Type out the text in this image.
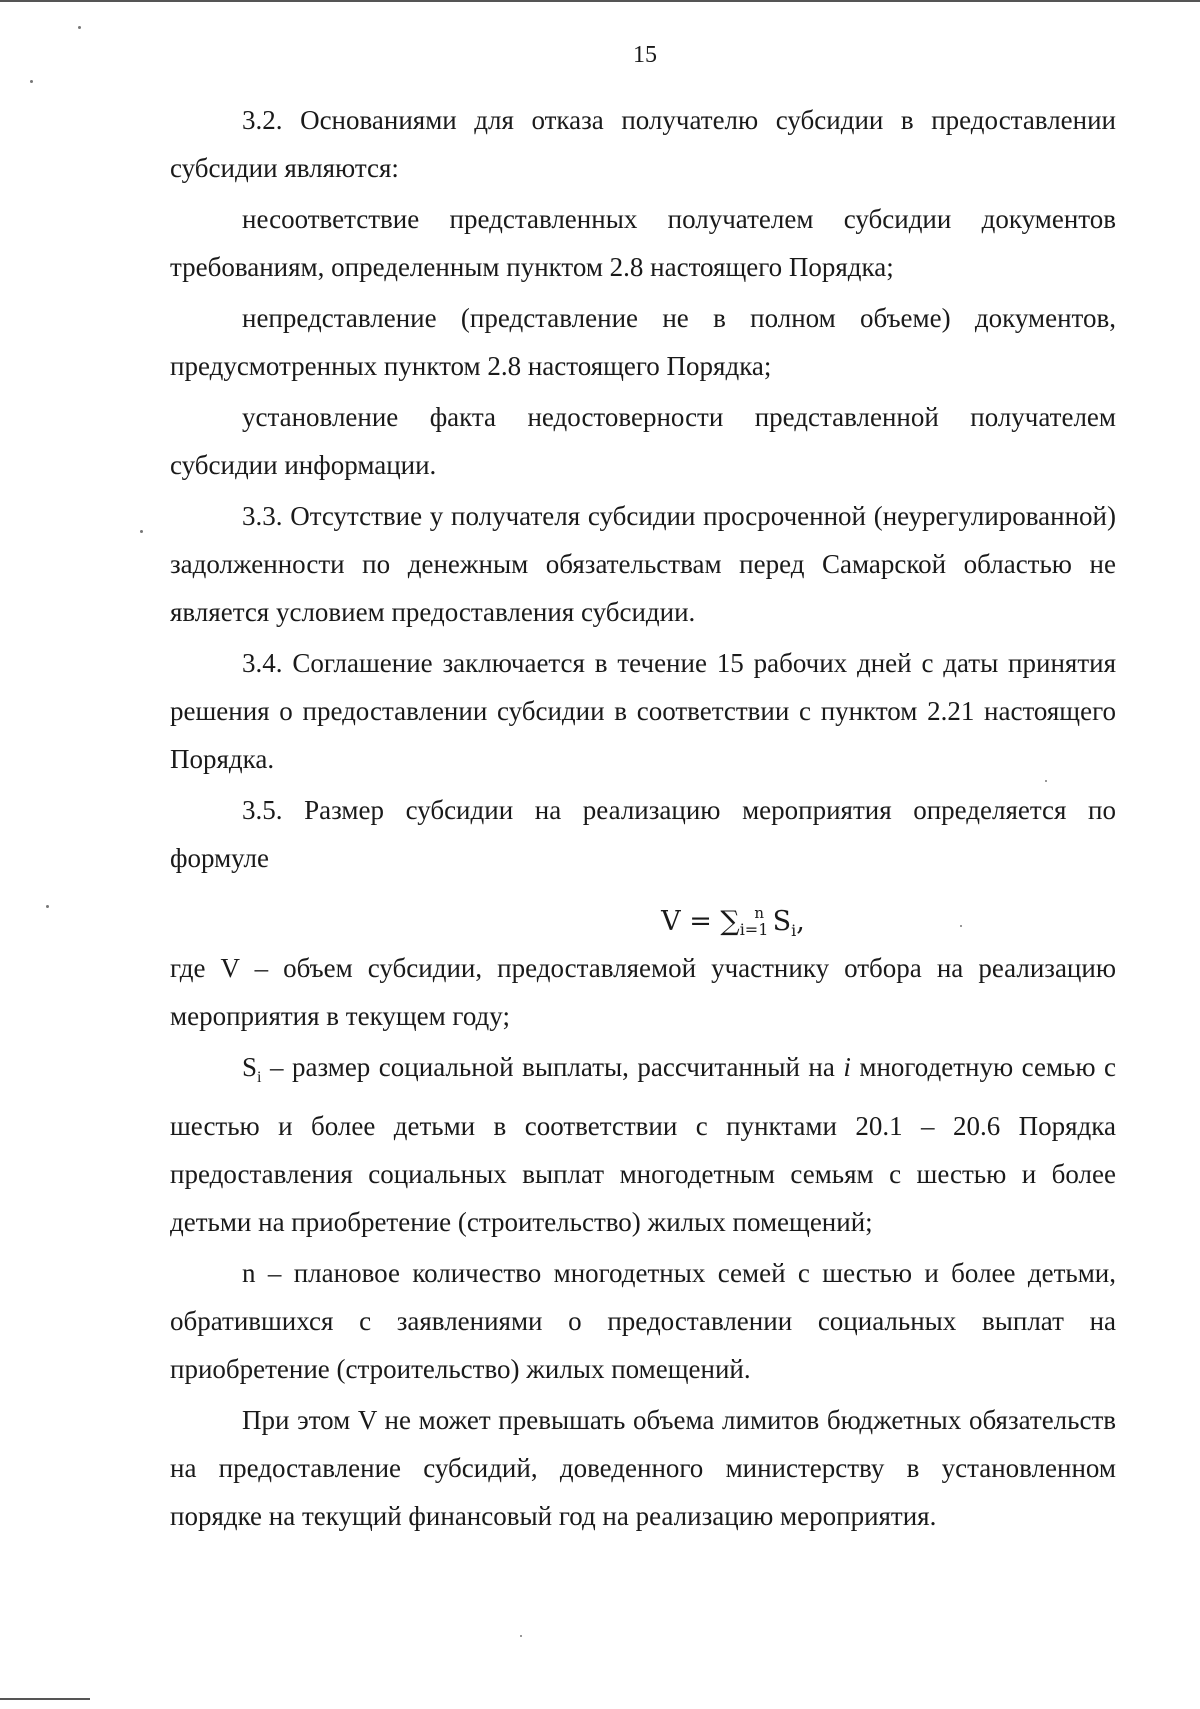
15

3.2. Основаниями для отказа получателю субсидии в предоставлении субсидии являются:

несоответствие представленных получателем субсидии документов требованиям, определенным пунктом 2.8 настоящего Порядка;

непредставление (представление не в полном объеме) документов, предусмотренных пунктом 2.8 настоящего Порядка;

установление факта недостоверности представленной получателем субсидии информации.

3.3. Отсутствие у получателя субсидии просроченной (неурегулированной) задолженности по денежным обязательствам перед Самарской областью не является условием предоставления субсидии.

3.4. Соглашение заключается в течение 15 рабочих дней с даты принятия решения о предоставлении субсидии в соответствии с пунктом 2.21 настоящего Порядка.

3.5. Размер субсидии на реализацию мероприятия определяется по формуле

$V = \sum i=1^n$ $S_i$,

где V – объем субсидии, предоставляемой участнику отбора на реализацию мероприятия в текущем году;

$S_i$ – размер социальной выплаты, рассчитанный на i многодетную семью с шестью и более детьми в соответствии с пунктами 20.1 – 20.6 Порядка предоставления социальных выплат многодетным семьям с шестью и более детьми на приобретение (строительство) жилых помещений;

n – плановое количество многодетных семей с шестью и более детьми, обратившихся с заявлениями о предоставлении социальных выплат на приобретение (строительство) жилых помещений.

При этом V не может превышать объема лимитов бюджетных обязательств на предоставление субсидий, доведенного министерству в установленном порядке на текущий финансовый год на реализацию мероприятия.
